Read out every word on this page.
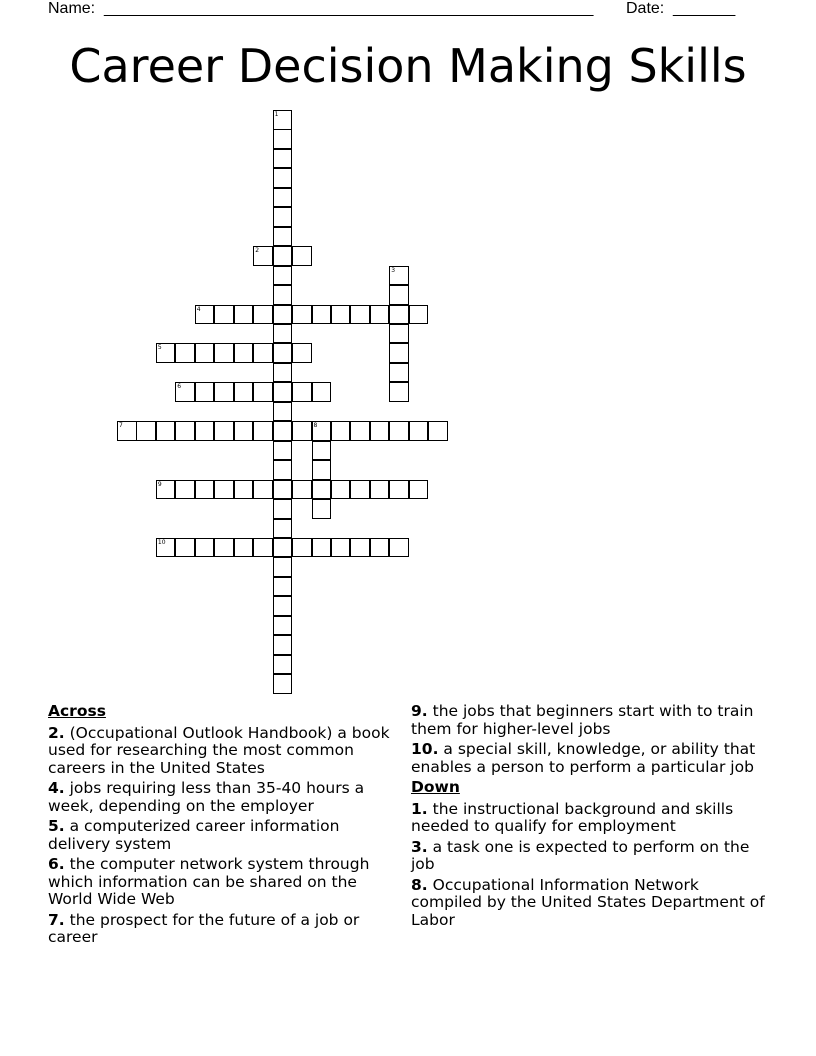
Name: _______________________________________________________ Date: _______
Career Decision Making Skills
1
2
3
4
5
6
7	8
9
10
Across
2. (Occupational Outlook Handbook) a book used for researching the most common careers in the United States
4. jobs requiring less than 35-40 hours a week, depending on the employer
5. a computerized career information delivery system
6. the computer network system through which information can be shared on the World Wide Web
7. the prospect for the future of a job or career
9. the jobs that beginners start with to train them for higher-level jobs
10. a special skill, knowledge, or ability that enables a person to perform a particular job
Down
1. the instructional background and skills needed to qualify for employment
3. a task one is expected to perform on the job
8. Occupational Information Network compiled by the United States Department of Labor
